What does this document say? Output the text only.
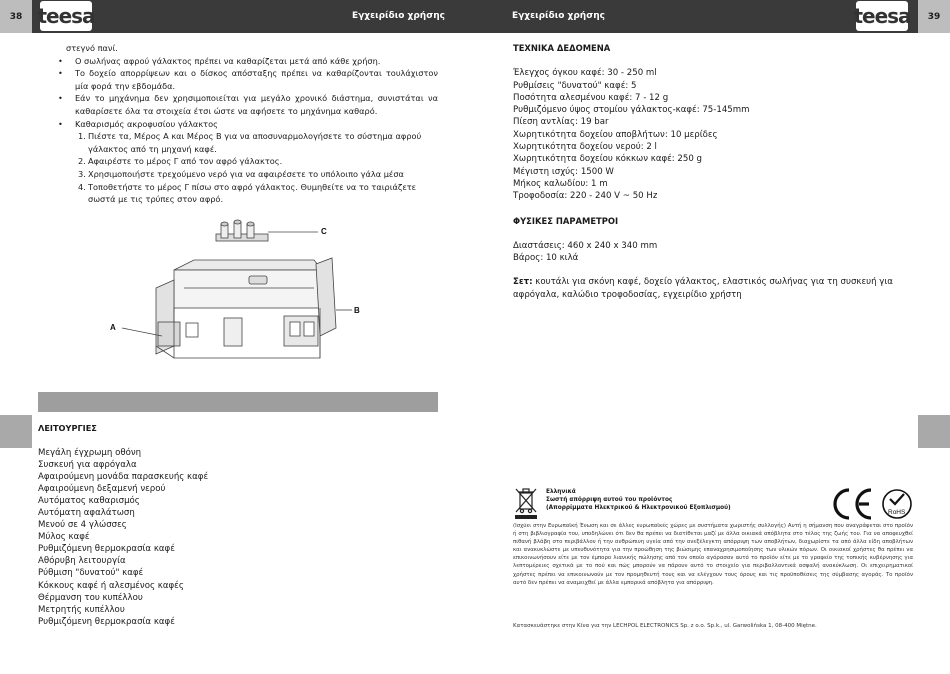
38 teesa	Εγχειρίδιο χρήσης	Εγχειρίδιο χρήσης	teesa	39

στεγνό πανί.

• Ο σωλήνας αφρού γάλακτος πρέπει να καθαρίζεται μετά από κάθε χρήση.
• Το δοχείο απορρίψεων και ο δίσκος απόσταξης πρέπει να καθαρίζονται τουλάχιστον μία φορά την εβδομάδα.
• Εάν το μηχάνημα δεν χρησιμοποιείται για μεγάλο χρονικό διάστημα, συνιστάται να καθαρίσετε όλα τα στοιχεία έτσι ώστε να αφήσετε το μηχάνημα καθαρό.
• Καθαρισμός ακροφυσίου γάλακτος
1. Πιέστε τα, Μέρος Α και Μέρος Β για να αποσυναρμολογήσετε το σύστημα αφρού γάλακτος από τη μηχανή καφέ.
2. Αφαιρέστε το μέρος Γ από τον αφρό γάλακτος.
3. Χρησιμοποιήστε τρεχούμενο νερό για να αφαιρέσετε το υπόλοιπο γάλα μέσα
4. Τοποθετήστε το μέρος Γ πίσω στο αφρό γάλακτος. Θυμηθείτε να το ταιριάζετε σωστά με τις τρύπες στον αφρό.
C
A
B
ΛΕΙΤΟΥΡΓΙΕΣ
Μεγάλη έγχρωμη οθόνη
Συσκευή για αφρόγαλα
Αφαιρούμενη μονάδα παρασκευής καφέ
Αφαιρούμενη δεξαμενή νερού
Αυτόματος καθαρισμός
Αυτόματη αφαλάτωση
Μενού σε 4 γλώσσες
Μύλος καφέ
Ρυθμιζόμενη θερμοκρασία καφέ
Αθόρυβη λειτουργία
Ρύθμιση "δυνατού" καφέ
Κόκκους καφέ ή αλεσμένος καφές
Θέρμανση του κυπέλλου
Μετρητής κυπέλλου
Ρυθμιζόμενη θερμοκρασία καφέ
ΤΕΧΝΙΚΑ ΔΕΔΟΜΕΝΑ
Έλεγχος όγκου καφέ: 30 - 250 ml
Ρυθμίσεις "δυνατού" καφέ: 5
Ποσότητα αλεσμένου καφέ: 7 - 12 g
Ρυθμιζόμενο ύψος στομίου γάλακτος-καφέ: 75-145mm
Πίεση αντλίας: 19 bar
Χωρητικότητα δοχείου αποβλήτων: 10 μερίδες
Χωρητικότητα δοχείου νερού: 2 l
Χωρητικότητα δοχείου κόκκων καφέ: 250 g
Μέγιστη ισχύς: 1500 W
Μήκος καλωδίου: 1 m
Τροφοδοσία: 220 - 240 V ~ 50 Hz
ΦΥΣΙΚΕΣ ΠΑΡΑΜΕΤΡΟΙ
Διαστάσεις: 460 x 240 x 340 mm
Βάρος: 10 κιλά
Σετ: κουτάλι για σκόνη καφέ, δοχείο γάλακτος, ελαστικός σωλήνας για τη συσκευή για αφρόγαλα, καλώδιο τροφοδοσίας, εγχειρίδιο χρήστη
Ελληνικά
Σωστή απόρριψη αυτού του προϊόντος
(Απορρίμματα Ηλεκτρικού & Ηλεκτρονικού Εξοπλισμού)
RoHS
(Ισχύει στην Ευρωπαϊκή Ένωση και σε άλλες ευρωπαϊκές χώρες με συστήματα χωριστής συλλογής) Αυτή η σήμανση που αναγράφεται στο προϊόν ή στη βιβλιογραφία του, υποδηλώνει ότι δεν θα πρέπει να διατίθεται μαζί με άλλα οικιακά απόβλητα στο τέλος της ζωής του. Για να αποφευχθεί πιθανή βλάβη στο περιβάλλον ή την ανθρώπινη υγεία από την ανεξέλεγκτη απόρριψη των αποβλήτων, διαχωρίστε τα από άλλα είδη αποβλήτων και ανακυκλώστε με υπευθυνότητα για την προώθηση της βιώσιμης επαναχρησιμοποίησης των υλικών πόρων. Οι οικιακοί χρήστες θα πρέπει να επικοινωνήσουν είτε με τον έμπορο λιανικής πώλησης από τον οποίο αγόρασαν αυτό το προϊόν είτε με το γραφείο της τοπικής κυβέρνησης για λεπτομέρειες σχετικά με το πού και πώς μπορούν να πάρουν αυτό το στοιχείο για περιβαλλοντικά ασφαλή ανακύκλωση. Οι επιχειρηματικοί χρήστες πρέπει να επικοινωνούν με τον προμηθευτή τους και να ελέγχουν τους όρους και τις προϋποθέσεις της σύμβασης αγοράς. Το προϊόν αυτό δεν πρέπει να αναμειχθεί με άλλα εμπορικά απόβλητα για απόρριψη.
Κατασκευάστηκε στην Κίνα για την LECHPOL ELECTRONICS Sp. z o.o. Sp.k., ul. Garwolińska 1, 08-400 Miętne.
